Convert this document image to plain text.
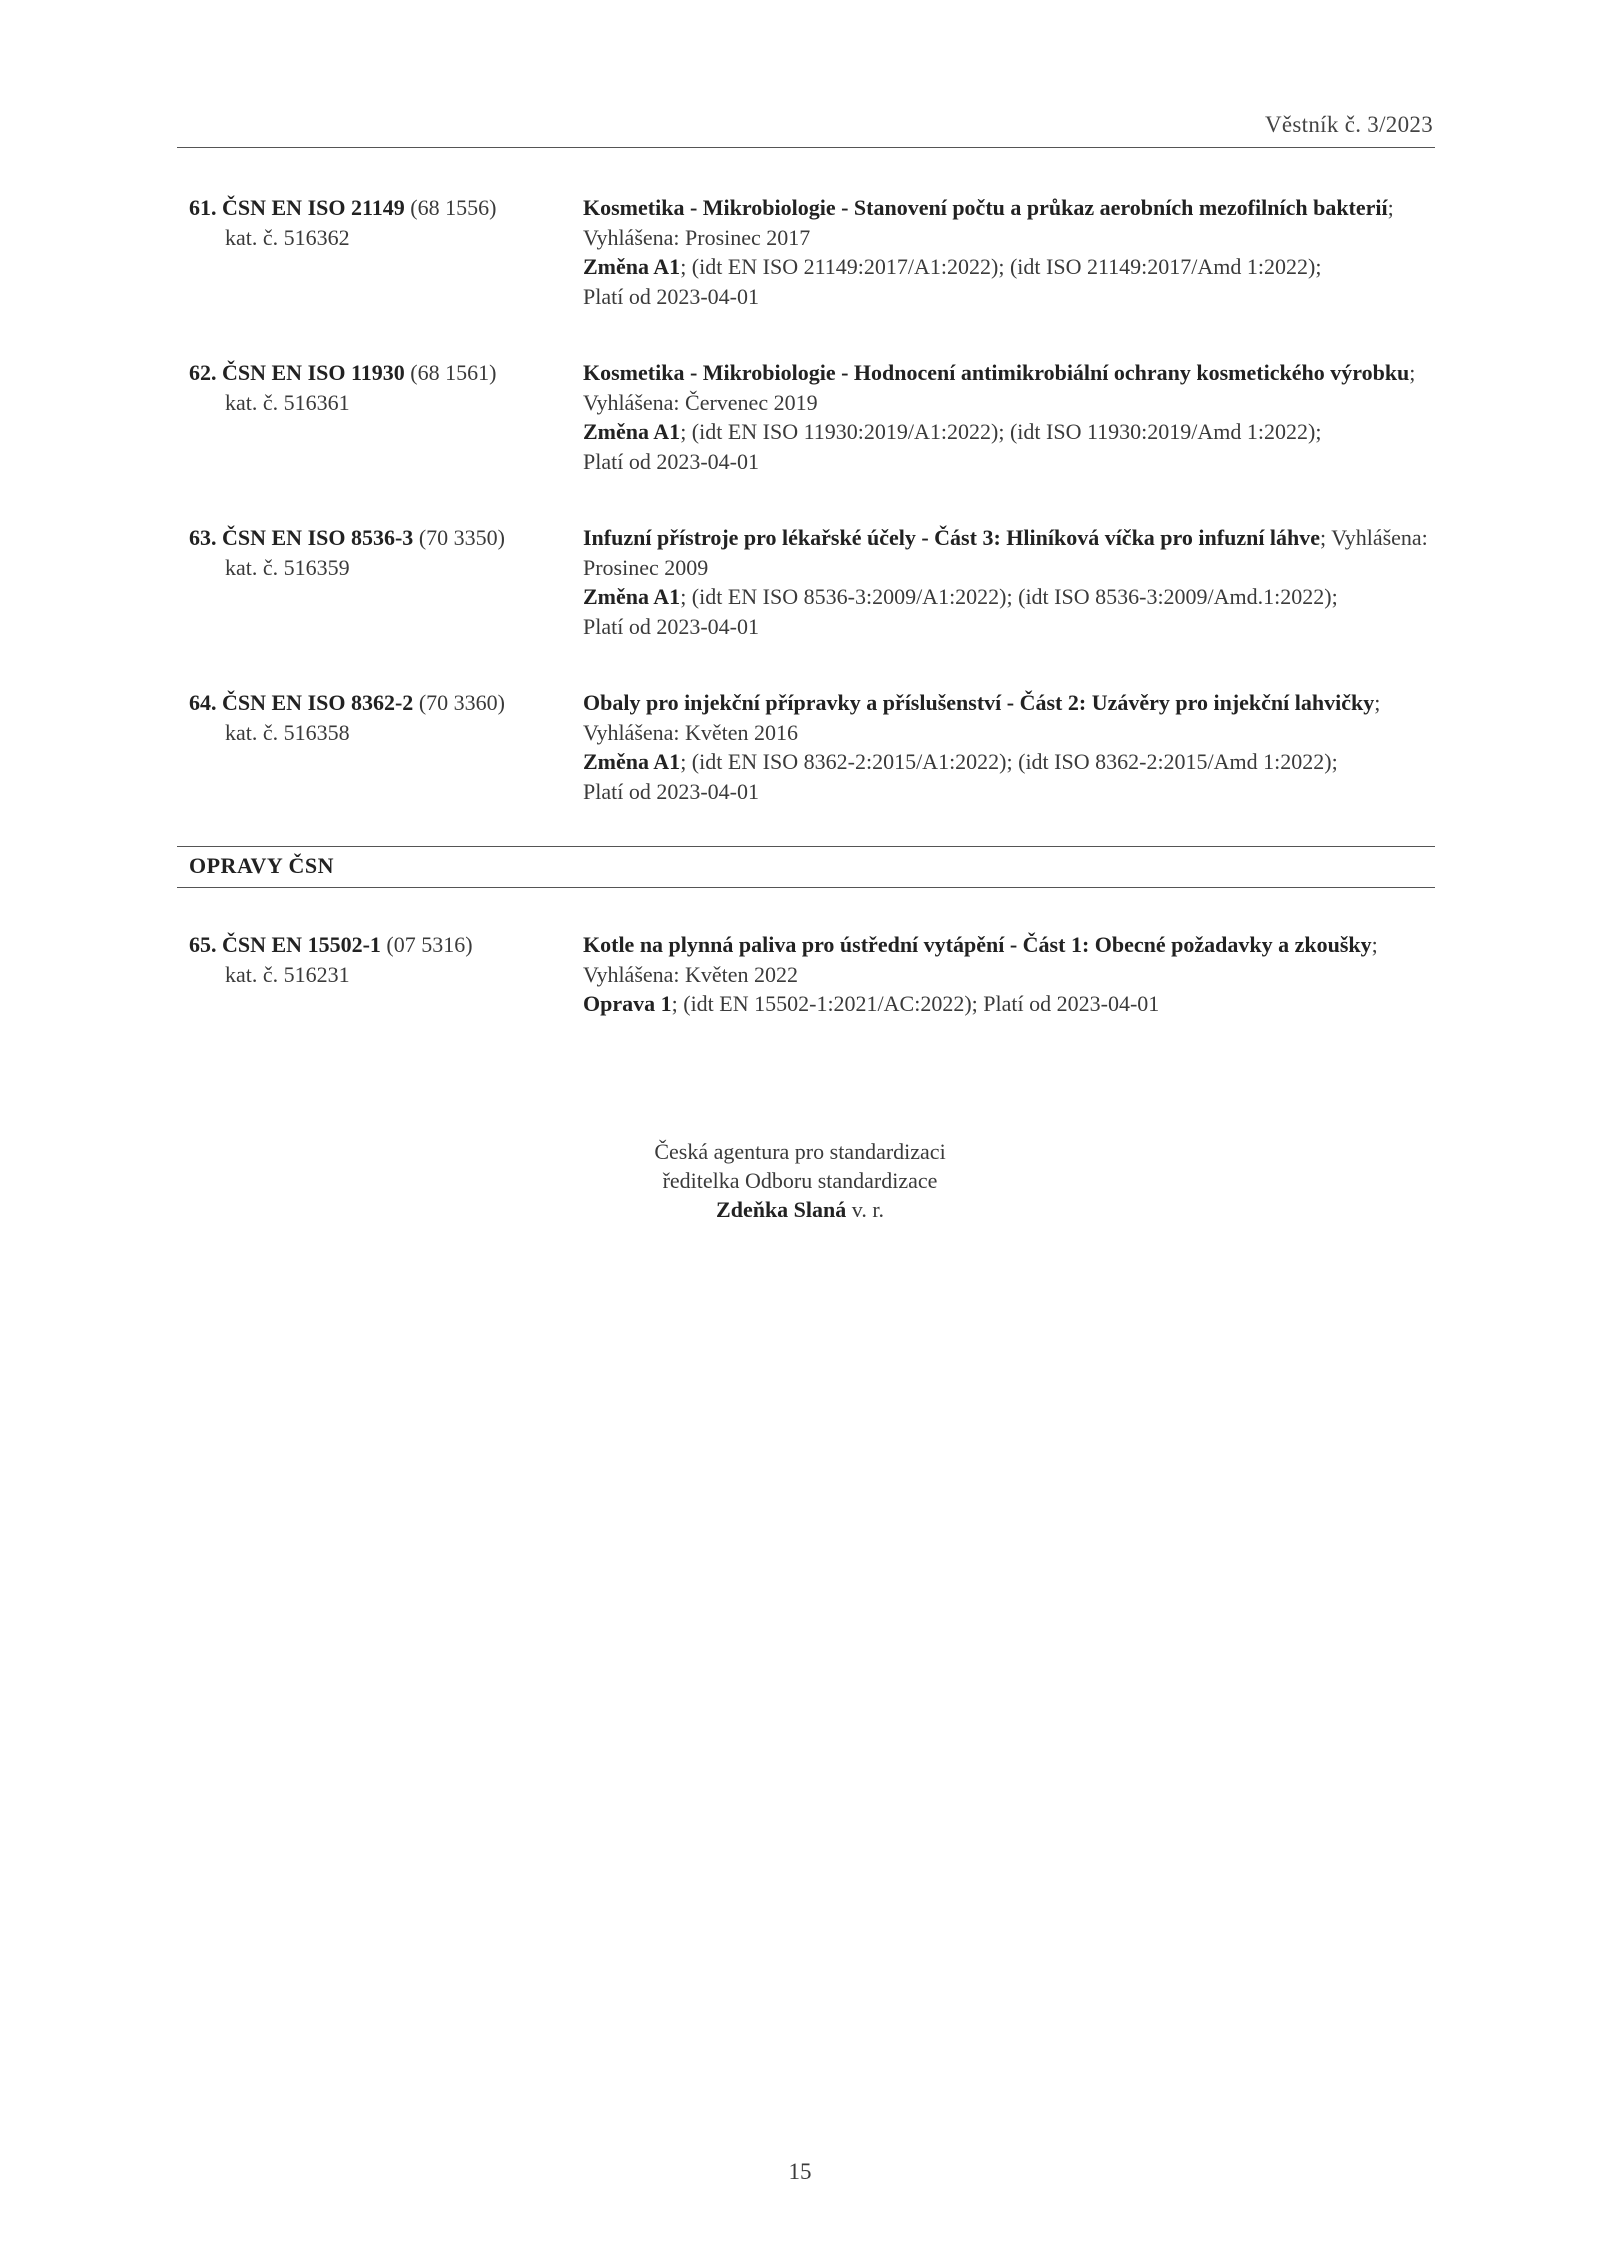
Věstník č. 3/2023
61. ČSN EN ISO 21149 (68 1556)
kat. č. 516362
Kosmetika - Mikrobiologie - Stanovení počtu a průkaz aerobních mezofilních bakterií; Vyhlášena: Prosinec 2017
Změna A1; (idt EN ISO 21149:2017/A1:2022); (idt ISO 21149:2017/Amd 1:2022);
Platí od 2023-04-01
62. ČSN EN ISO 11930 (68 1561)
kat. č. 516361
Kosmetika - Mikrobiologie - Hodnocení antimikrobiální ochrany kosmetického výrobku; Vyhlášena: Červenec 2019
Změna A1; (idt EN ISO 11930:2019/A1:2022); (idt ISO 11930:2019/Amd 1:2022);
Platí od 2023-04-01
63. ČSN EN ISO 8536-3 (70 3350)
kat. č. 516359
Infuzní přístroje pro lékařské účely - Část 3: Hliníková víčka pro infuzní láhve; Vyhlášena: Prosinec 2009
Změna A1; (idt EN ISO 8536-3:2009/A1:2022); (idt ISO 8536-3:2009/Amd.1:2022);
Platí od 2023-04-01
64. ČSN EN ISO 8362-2 (70 3360)
kat. č. 516358
Obaly pro injekční přípravky a příslušenství - Část 2: Uzávěry pro injekční lahvičky; Vyhlášena: Květen 2016
Změna A1; (idt EN ISO 8362-2:2015/A1:2022); (idt ISO 8362-2:2015/Amd 1:2022);
Platí od 2023-04-01
OPRAVY ČSN
65. ČSN EN 15502-1 (07 5316)
kat. č. 516231
Kotle na plynná paliva pro ústřední vytápění - Část 1: Obecné požadavky a zkoušky; Vyhlášena: Květen 2022
Oprava 1; (idt EN 15502-1:2021/AC:2022); Platí od 2023-04-01
Česká agentura pro standardizaci
ředitelka Odboru standardizace
Zdeňka Slaná v. r.
15
